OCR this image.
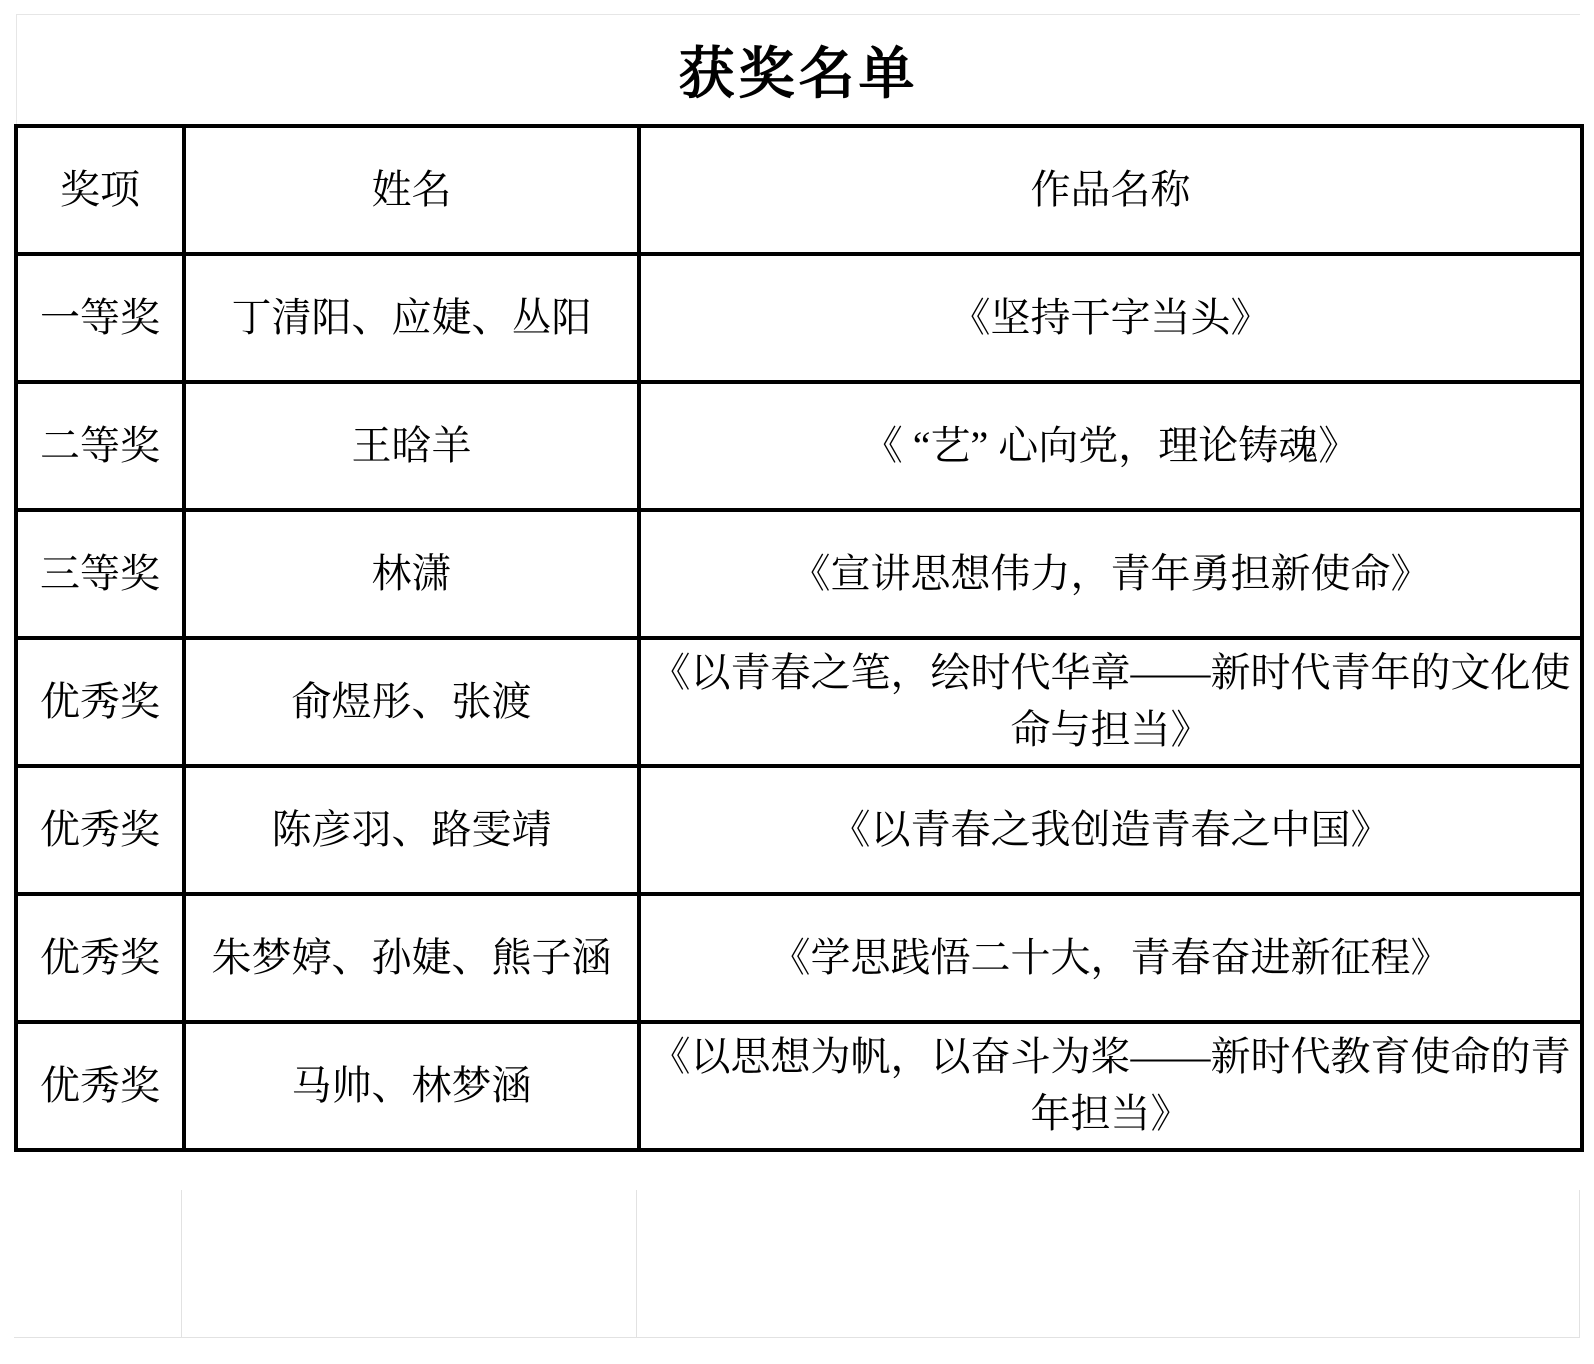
获奖名单
奖项	姓名	作品名称
一等奖	丁清阳、应婕、丛阳	《坚持干字当头》
二等奖	王晗羊	《 “艺” 心向党，理论铸魂》
三等奖	林潇	《宣讲思想伟力，青年勇担新使命》
优秀奖	俞煜彤、张渡	《以青春之笔，绘时代华章——新时代青年的文化使命与担当》
优秀奖	陈彦羽、路雯靖	《以青春之我创造青春之中国》
优秀奖	朱梦婷、孙婕、熊子涵	《学思践悟二十大，青春奋进新征程》
优秀奖	马帅、林梦涵	《以思想为帆，以奋斗为桨——新时代教育使命的青年担当》
